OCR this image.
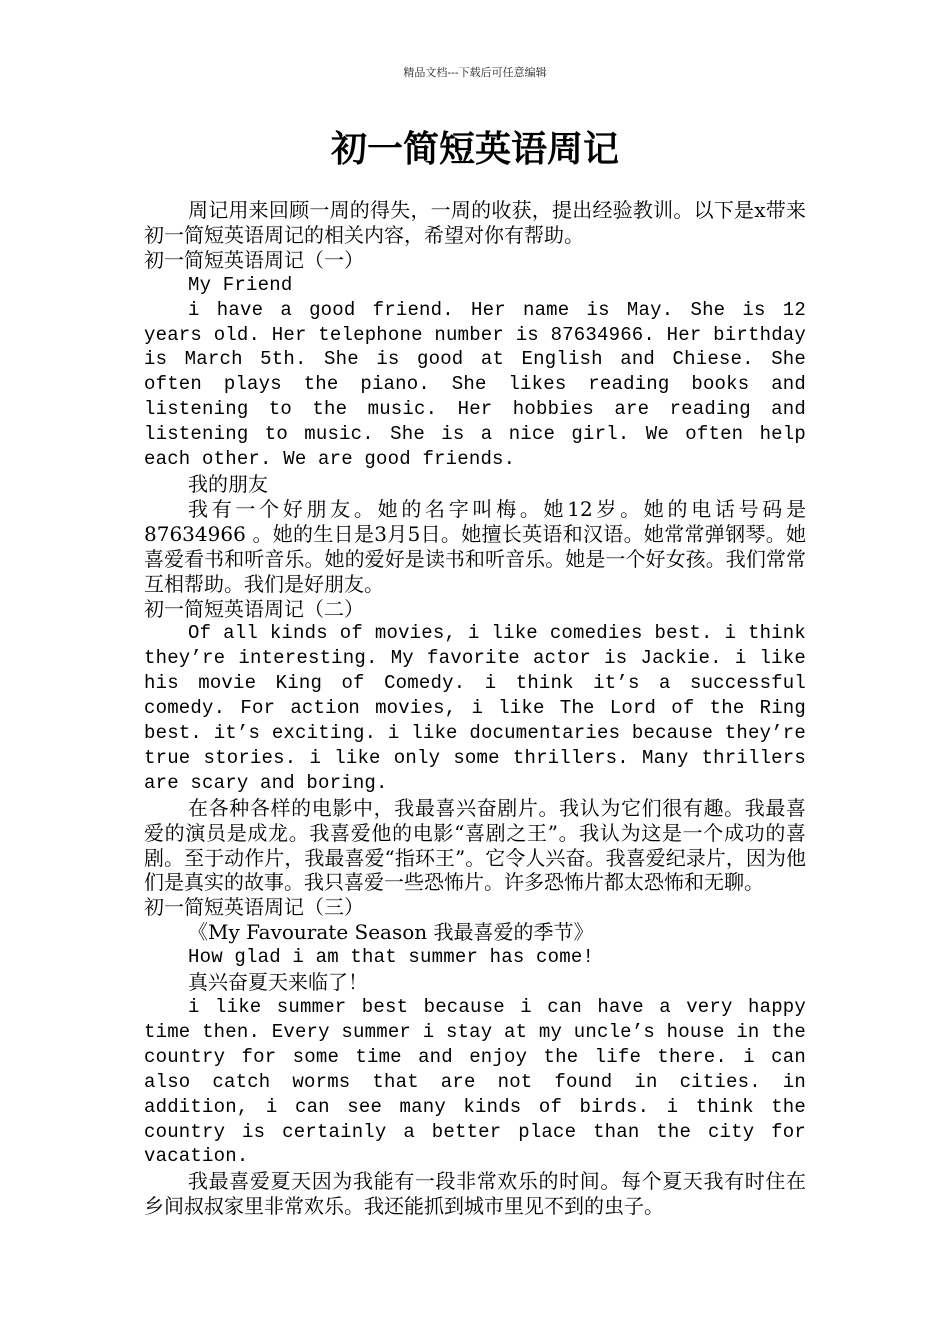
精品文档---下载后可任意编辑
初一简短英语周记

周记用来回顾一周的得失，一周的收获，提出经验教训。以下是x带来初一简短英语周记的相关内容，希望对你有帮助。

初一简短英语周记（一）

My Friend

i have a good friend. Her name is May. She is 12 years old. Her telephone number is 87634966. Her birthday is March 5th. She is good at English and Chiese. She often plays the piano. She likes reading books and listening to the music. Her hobbies are reading and listening to music. She is a nice girl. We often help each other. We are good friends.

我的朋友

我有一个好朋友。她的名字叫梅。她12岁。她的电话号码是87634966 。她的生日是3月5日。她擅长英语和汉语。她常常弹钢琴。她喜爱看书和听音乐。她的爱好是读书和听音乐。她是一个好女孩。我们常常互相帮助。我们是好朋友。

初一简短英语周记（二）

Of all kinds of movies, i like comedies best. i think they’re interesting. My favorite actor is Jackie. i like his movie King of Comedy. i think it’s a successful comedy. For action movies, i like The Lord of the Ring best. it’s exciting. i like documentaries because they’re true stories. i like only some thrillers. Many thrillers are scary and boring.

在各种各样的电影中，我最喜兴奋剧片。我认为它们很有趣。我最喜爱的演员是成龙。我喜爱他的电影“喜剧之王”。我认为这是一个成功的喜剧。至于动作片，我最喜爱“指环王”。它令人兴奋。我喜爱纪录片，因为他们是真实的故事。我只喜爱一些恐怖片。许多恐怖片都太恐怖和无聊。

初一简短英语周记（三）

《My Favourate Season 我最喜爱的季节》

How glad i am that summer has come!

真兴奋夏天来临了！

i like summer best because i can have a very happy time then. Every summer i stay at my uncle’s house in the country for some time and enjoy the life there. i can also catch worms that are not found in cities. in addition, i can see many kinds of birds. i think the country is certainly a better place than the city for vacation.

我最喜爱夏天因为我能有一段非常欢乐的时间。每个夏天我有时住在乡间叔叔家里非常欢乐。我还能抓到城市里见不到的虫子。
